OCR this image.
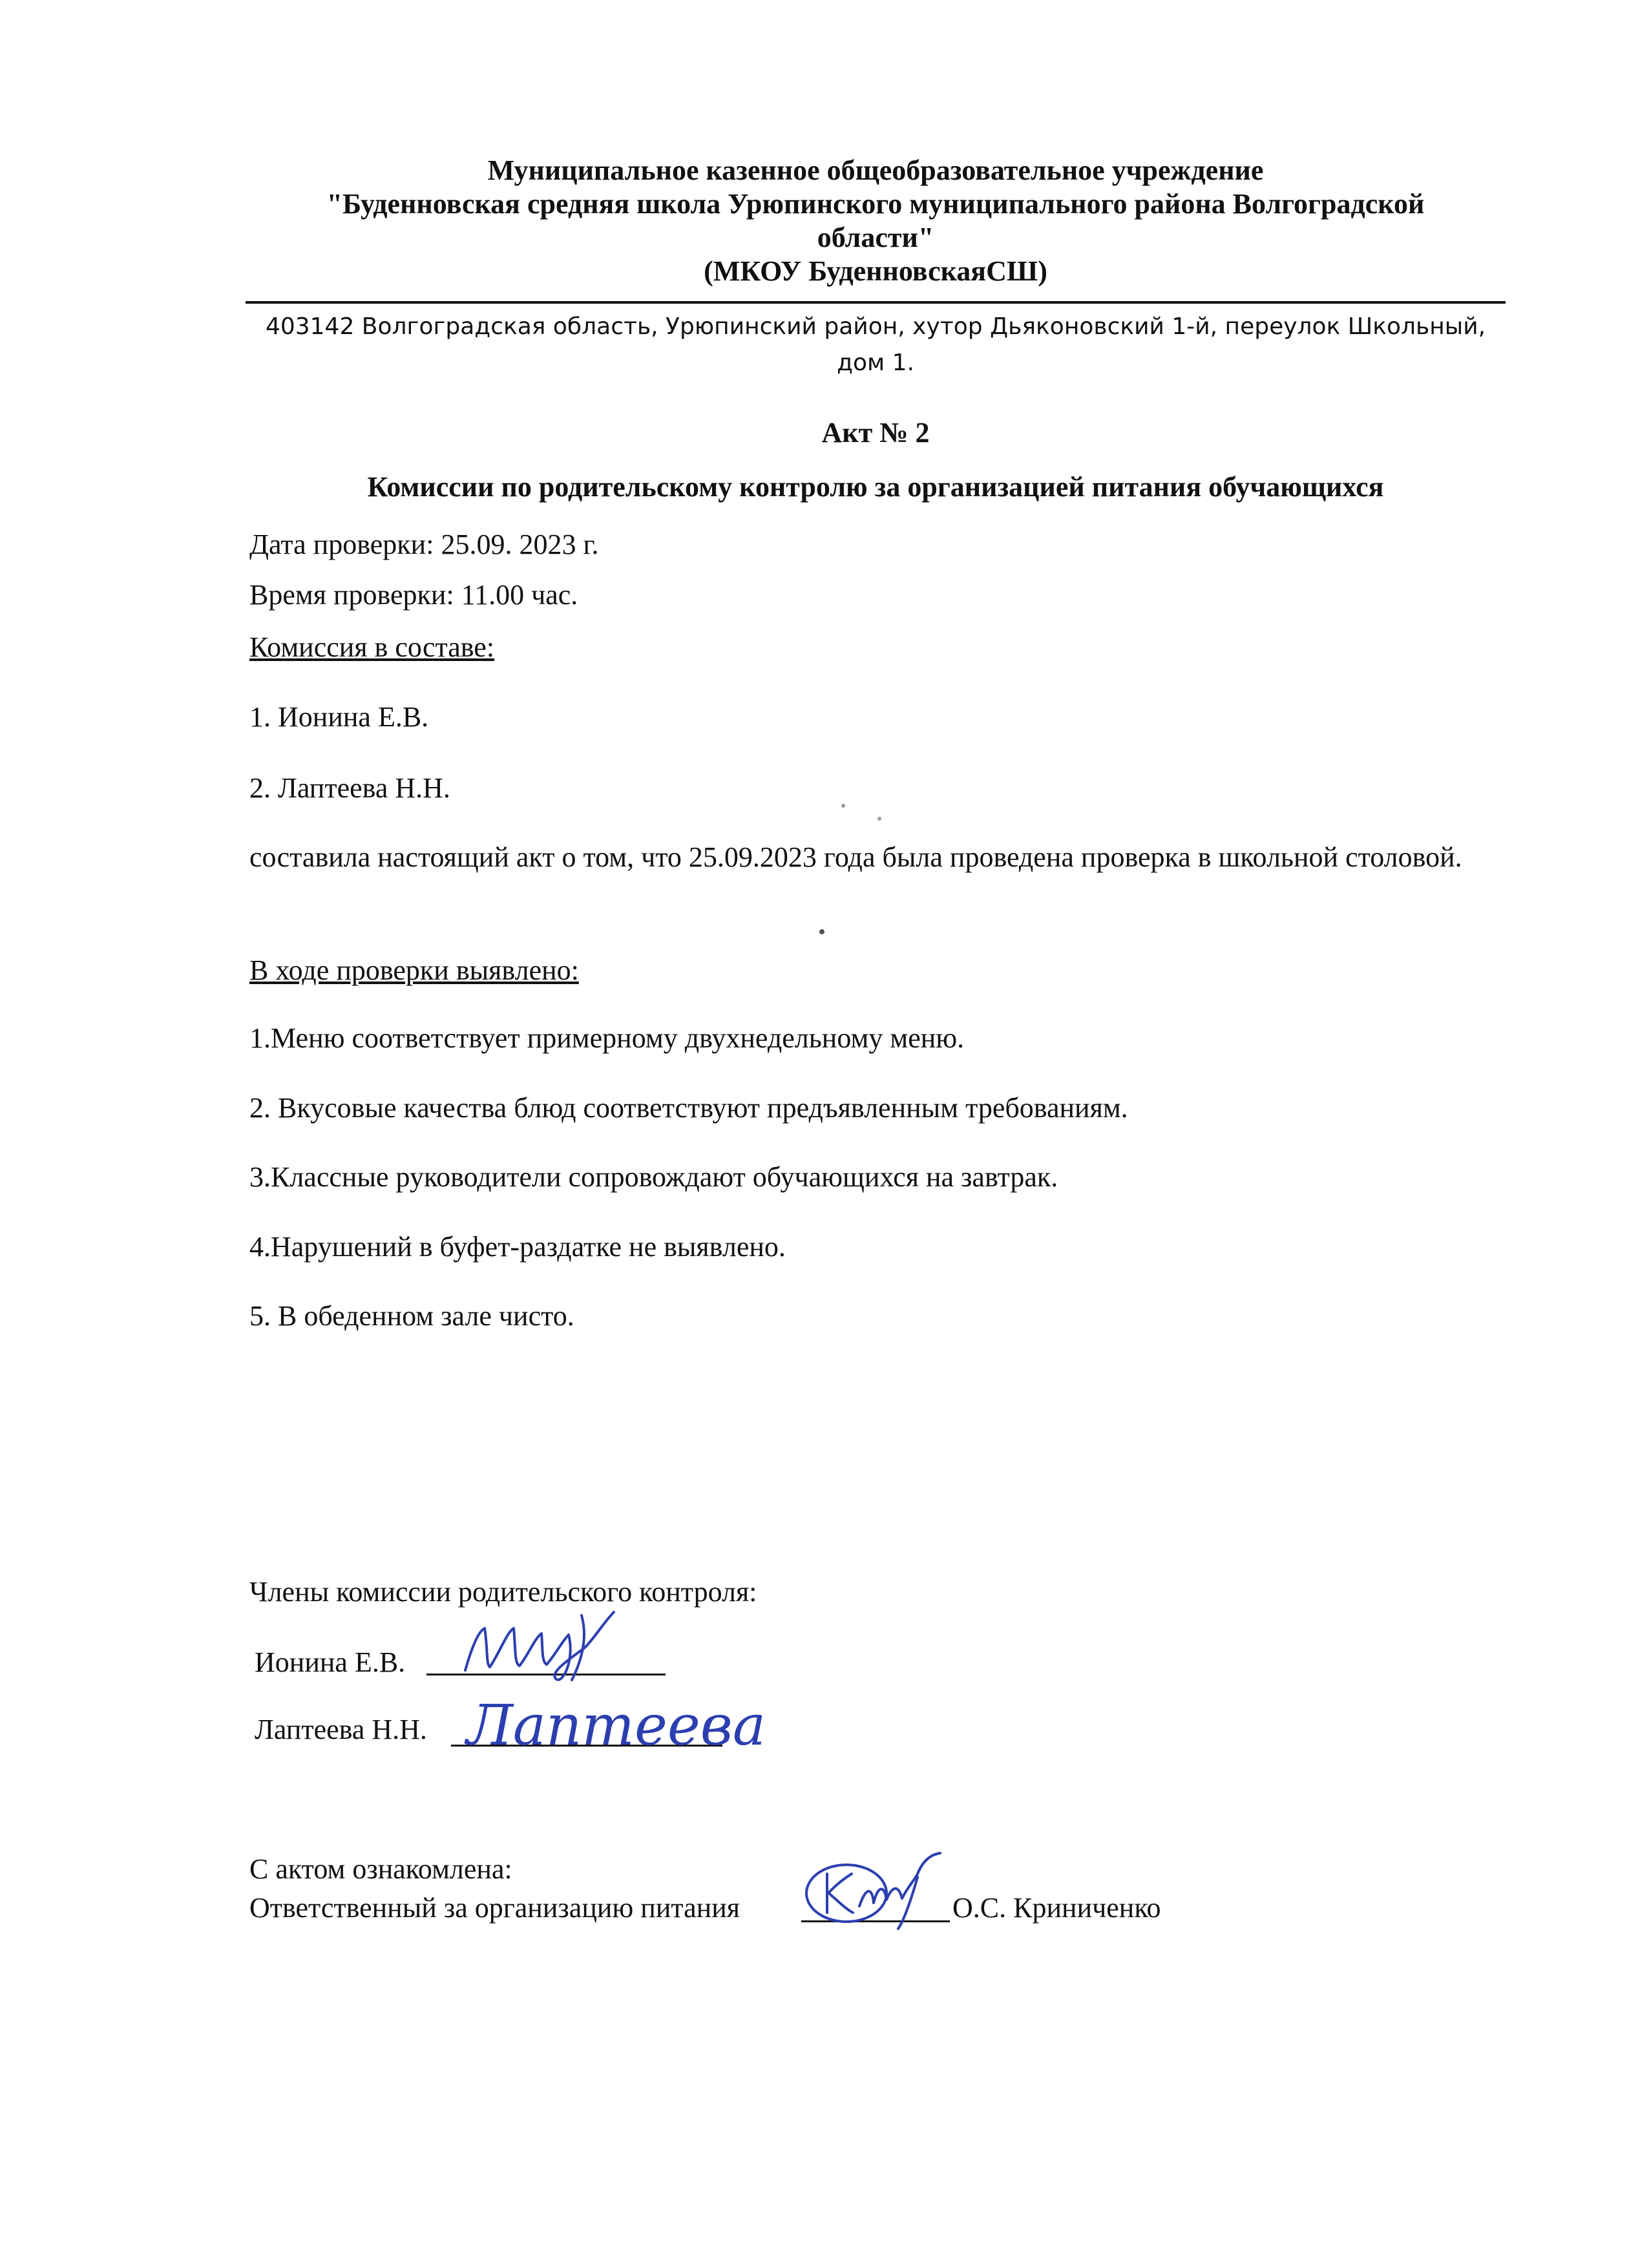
Муниципальное казенное общеобразовательное учреждение
"Буденновская средняя школа Урюпинского муниципального района Волгоградской
области"
(МКОУ БуденновскаяСШ)
403142 Волгоградская область, Урюпинский район, хутор Дьяконовский 1-й, переулок Школьный,
дом 1.
Акт № 2
Комиссии по родительскому контролю за организацией питания обучающихся
Дата проверки: 25.09. 2023 г.
Время проверки: 11.00 час.
Комиссия в составе:
1. Ионина Е.В.
2. Лаптеева Н.Н.
составила настоящий акт о том, что 25.09.2023 года была проведена проверка в школьной столовой.
В ходе проверки выявлено:
1.Меню соответствует примерному двухнедельному меню.
2. Вкусовые качества блюд соответствуют предъявленным требованиям.
3.Классные руководители сопровождают обучающихся на завтрак.
4.Нарушений в буфет-раздатке не выявлено.
5. В обеденном зале чисто.
Члены комиссии родительского контроля:
Ионина Е.В.
Лаптеева Н.Н. Лаптеева
С актом ознакомлена:
Ответственный за организацию питания	О.С. Криниченко
